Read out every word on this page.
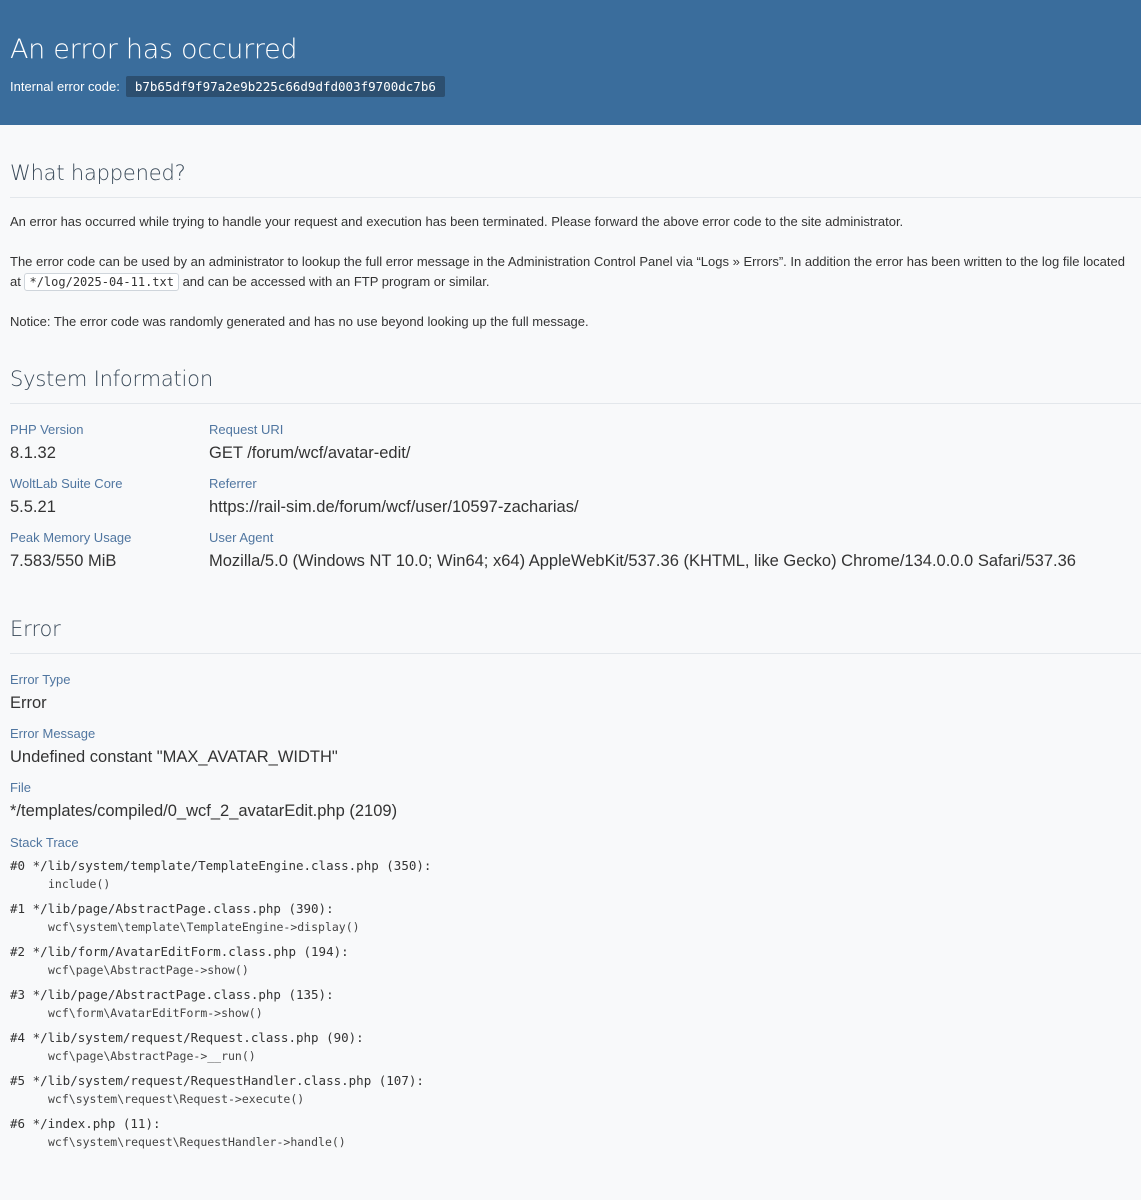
An error has occurred
Internal error code:	b7b65df9f97a2e9b225c66d9dfd003f9700dc7b6
What happened?

An error has occurred while trying to handle your request and execution has been terminated. Please forward the above error code to the site administrator.

The error code can be used by an administrator to lookup the full error message in the Administration Control Panel via “Logs » Errors”. In addition the error has been written to the log file located at */log/2025-04-11.txt and can be accessed with an FTP program or similar.

Notice: The error code was randomly generated and has no use beyond looking up the full message.

System Information
PHP Version
8.1.32
Request URI
GET /forum/wcf/avatar-edit/
WoltLab Suite Core
5.5.21
Referrer
https://rail-sim.de/forum/wcf/user/10597-zacharias/
Peak Memory Usage
7.583/550 MiB
User Agent
Mozilla/5.0 (Windows NT 10.0; Win64; x64) AppleWebKit/537.36 (KHTML, like Gecko) Chrome/134.0.0.0 Safari/537.36
Error
Error Type
Error
Error Message
Undefined constant "MAX_AVATAR_WIDTH"
File
*/templates/compiled/0_wcf_2_avatarEdit.php (2109)
Stack Trace
#0 */lib/system/template/TemplateEngine.class.php (350):
include()
#1 */lib/page/AbstractPage.class.php (390):
wcf\system\template\TemplateEngine->display()
#2 */lib/form/AvatarEditForm.class.php (194):
wcf\page\AbstractPage->show()
#3 */lib/page/AbstractPage.class.php (135):
wcf\form\AvatarEditForm->show()
#4 */lib/system/request/Request.class.php (90):
wcf\page\AbstractPage->__run()
#5 */lib/system/request/RequestHandler.class.php (107):
wcf\system\request\Request->execute()
#6 */index.php (11):
wcf\system\request\RequestHandler->handle()
